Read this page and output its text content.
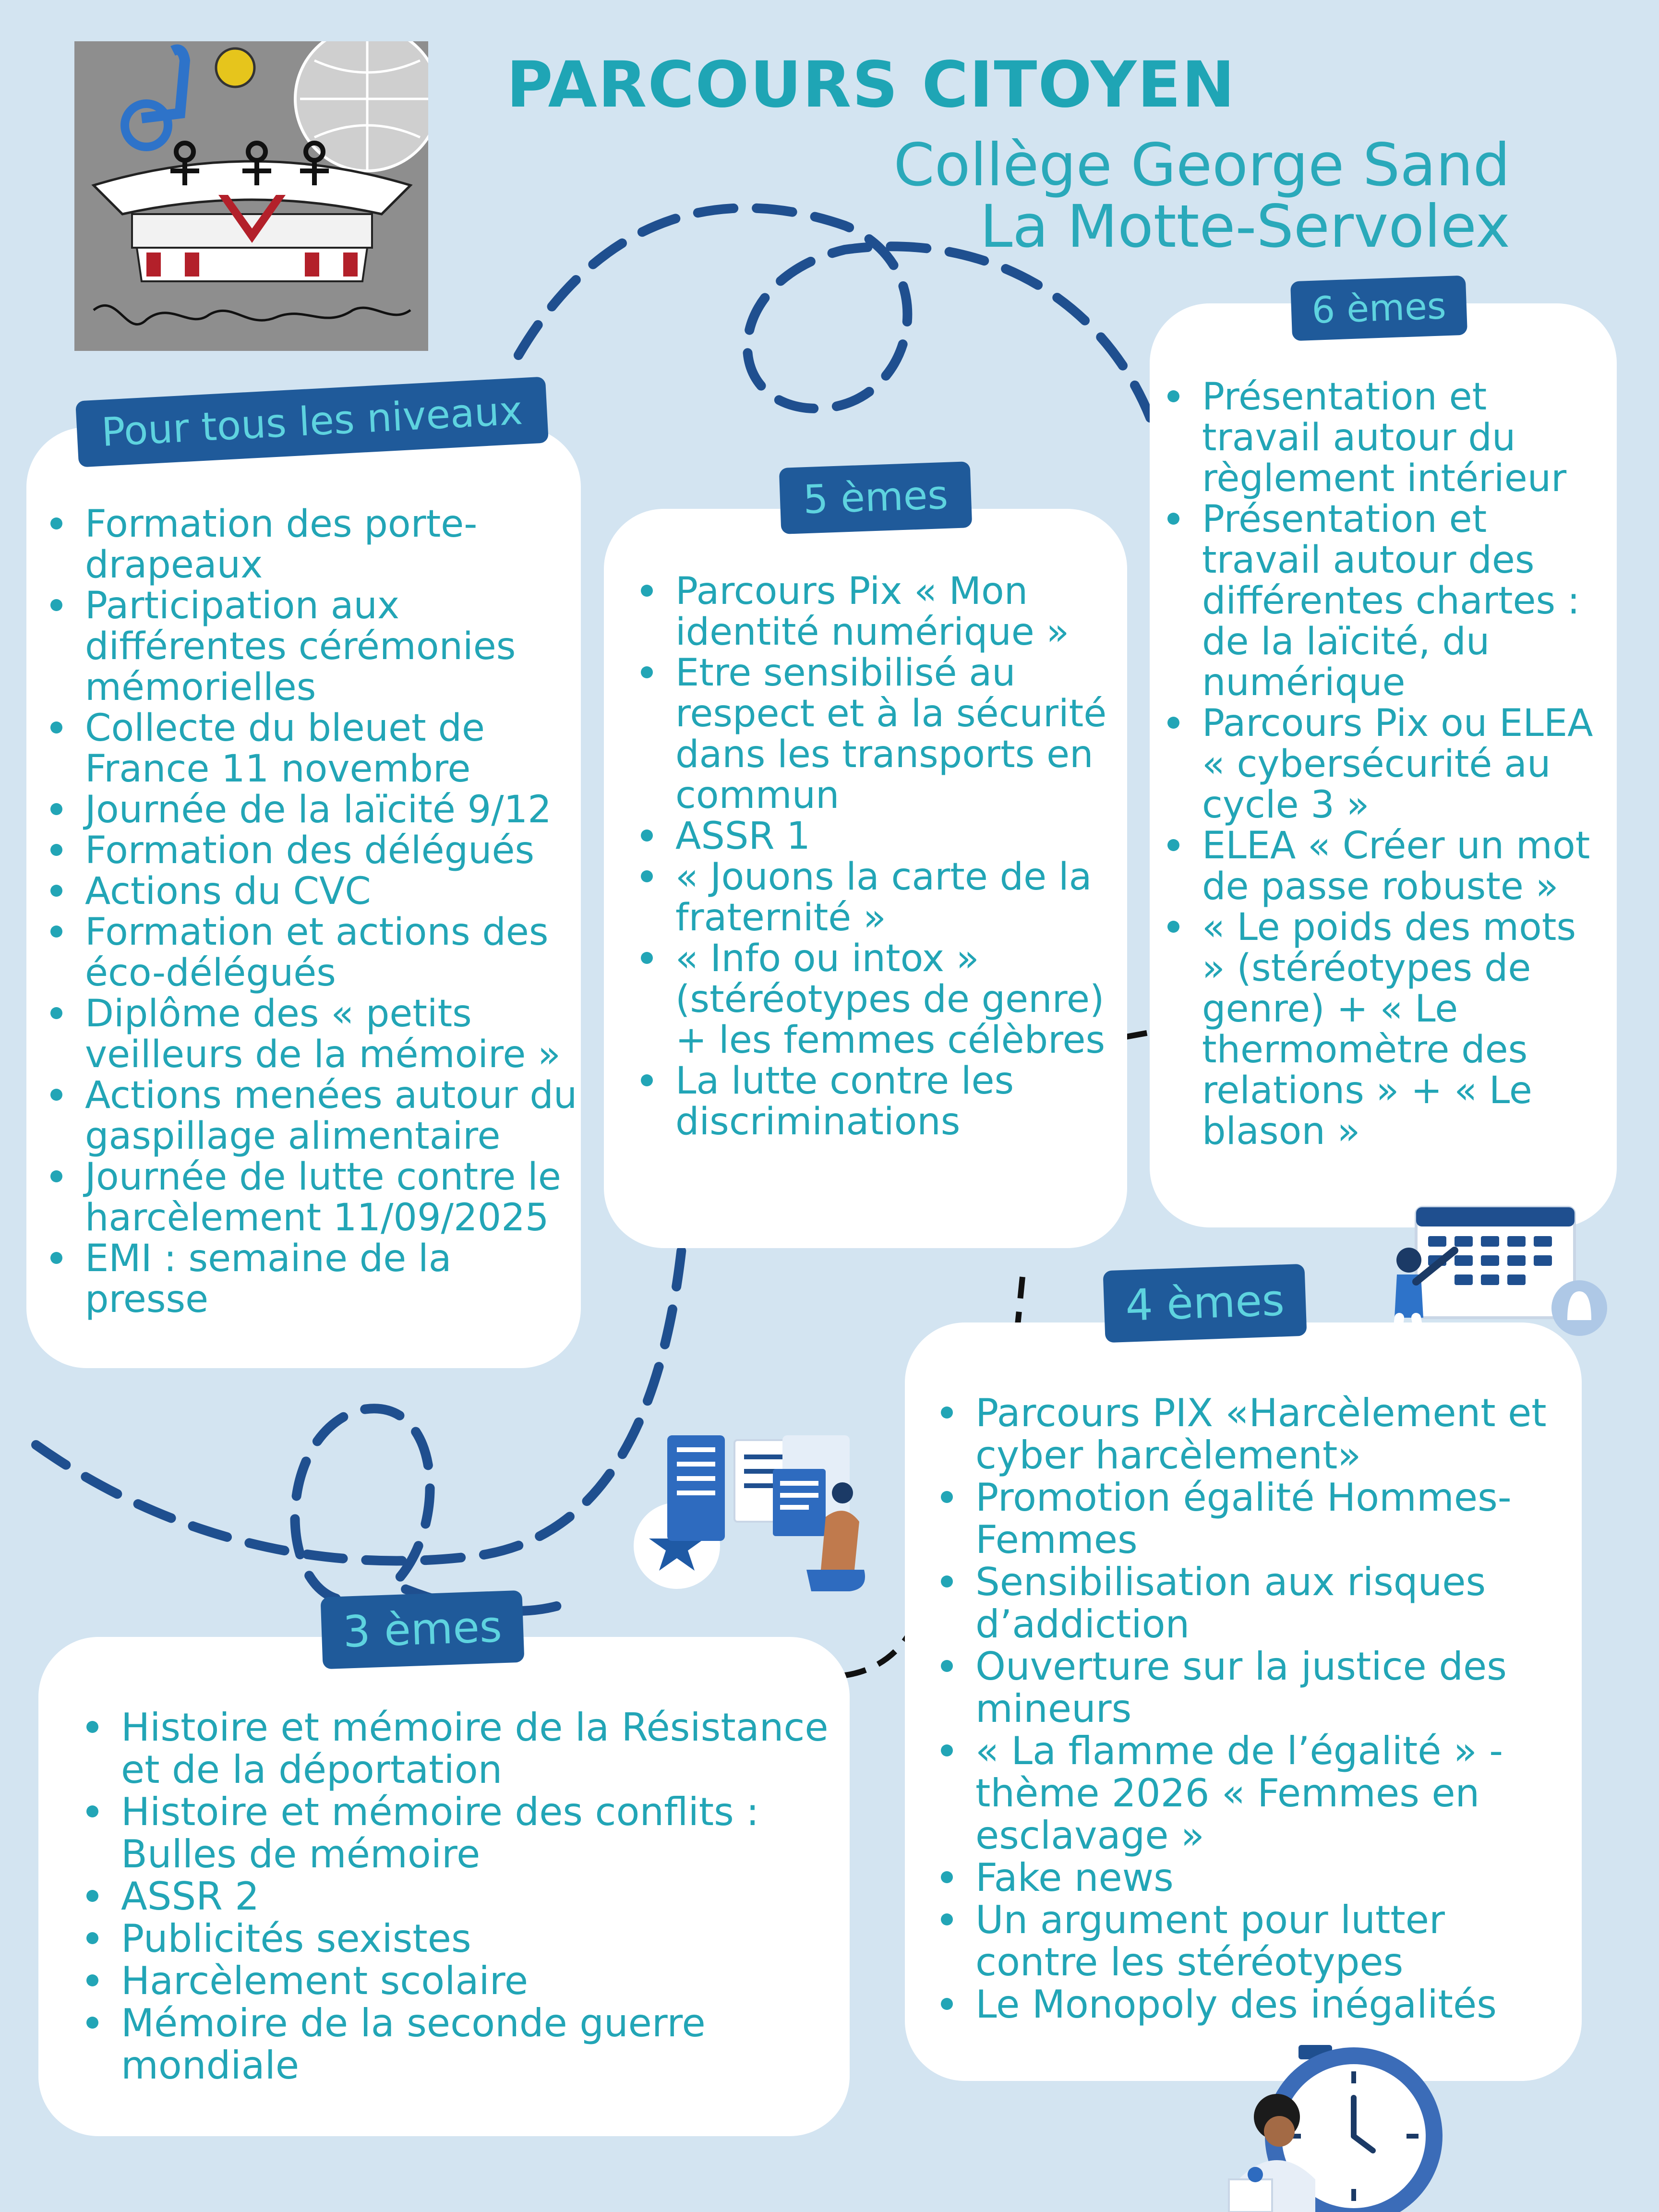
PARCOURS CITOYEN
Collège George Sand
La Motte-Servolex
Pour tous les niveaux
Formation des porte-drapeaux
Participation aux différentes cérémonies mémorielles
Collecte du bleuet de France 11 novembre
Journée de la laïcité 9/12
Formation des délégués
Actions du CVC
Formation et actions des éco-délégués
Diplôme des « petits veilleurs de la mémoire »
Actions menées autour du gaspillage alimentaire
Journée de lutte contre le harcèlement 11/09/2025
EMI : semaine de la presse
5 èmes
Parcours Pix « Mon identité numérique »
Etre sensibilisé au respect et à la sécurité dans les transports en commun
ASSR 1
« Jouons la carte de la fraternité »
« Info ou intox » (stéréotypes de genre) + les femmes célèbres
La lutte contre les discriminations
6 èmes
Présentation et travail autour du règlement intérieur
Présentation et travail autour des différentes chartes : de la laïcité, du numérique
Parcours Pix ou ELEA « cybersécurité au cycle 3 »
ELEA « Créer un mot de passe robuste »
« Le poids des mots » (stéréotypes de genre) + « Le thermomètre des relations » + « Le blason »
4 èmes
Parcours PIX «Harcèlement et cyber harcèlement»
Promotion égalité Hommes-Femmes
Sensibilisation aux risques d’addiction
Ouverture sur la justice des mineurs
« La flamme de l’égalité » - thème 2026 « Femmes en esclavage »
Fake news
Un argument pour lutter contre les stéréotypes
Le Monopoly des inégalités
3 èmes
Histoire et mémoire de la Résistance et de la déportation
Histoire et mémoire des conflits : Bulles de mémoire
ASSR 2
Publicités sexistes
Harcèlement scolaire
Mémoire de la seconde guerre mondiale
